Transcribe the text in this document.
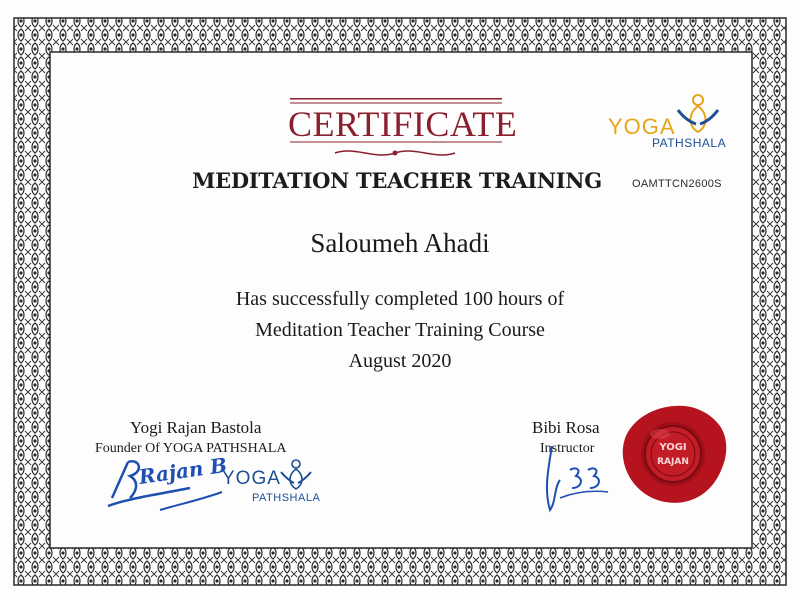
CERTIFICATE	YOGA
PATHSHALA
MEDITATION TEACHER TRAINING	OAMTTCN2600S
Saloumeh Ahadi
Has successfully completed 100 hours of
Meditation Teacher Training Course
August 2020
Yogi Rajan Bastola
Founder Of YOGA PATHSHALA
Rajan B
YOGA
PATHSHALA
Bibi Rosa
Instructor	YOGI
RAJAN
